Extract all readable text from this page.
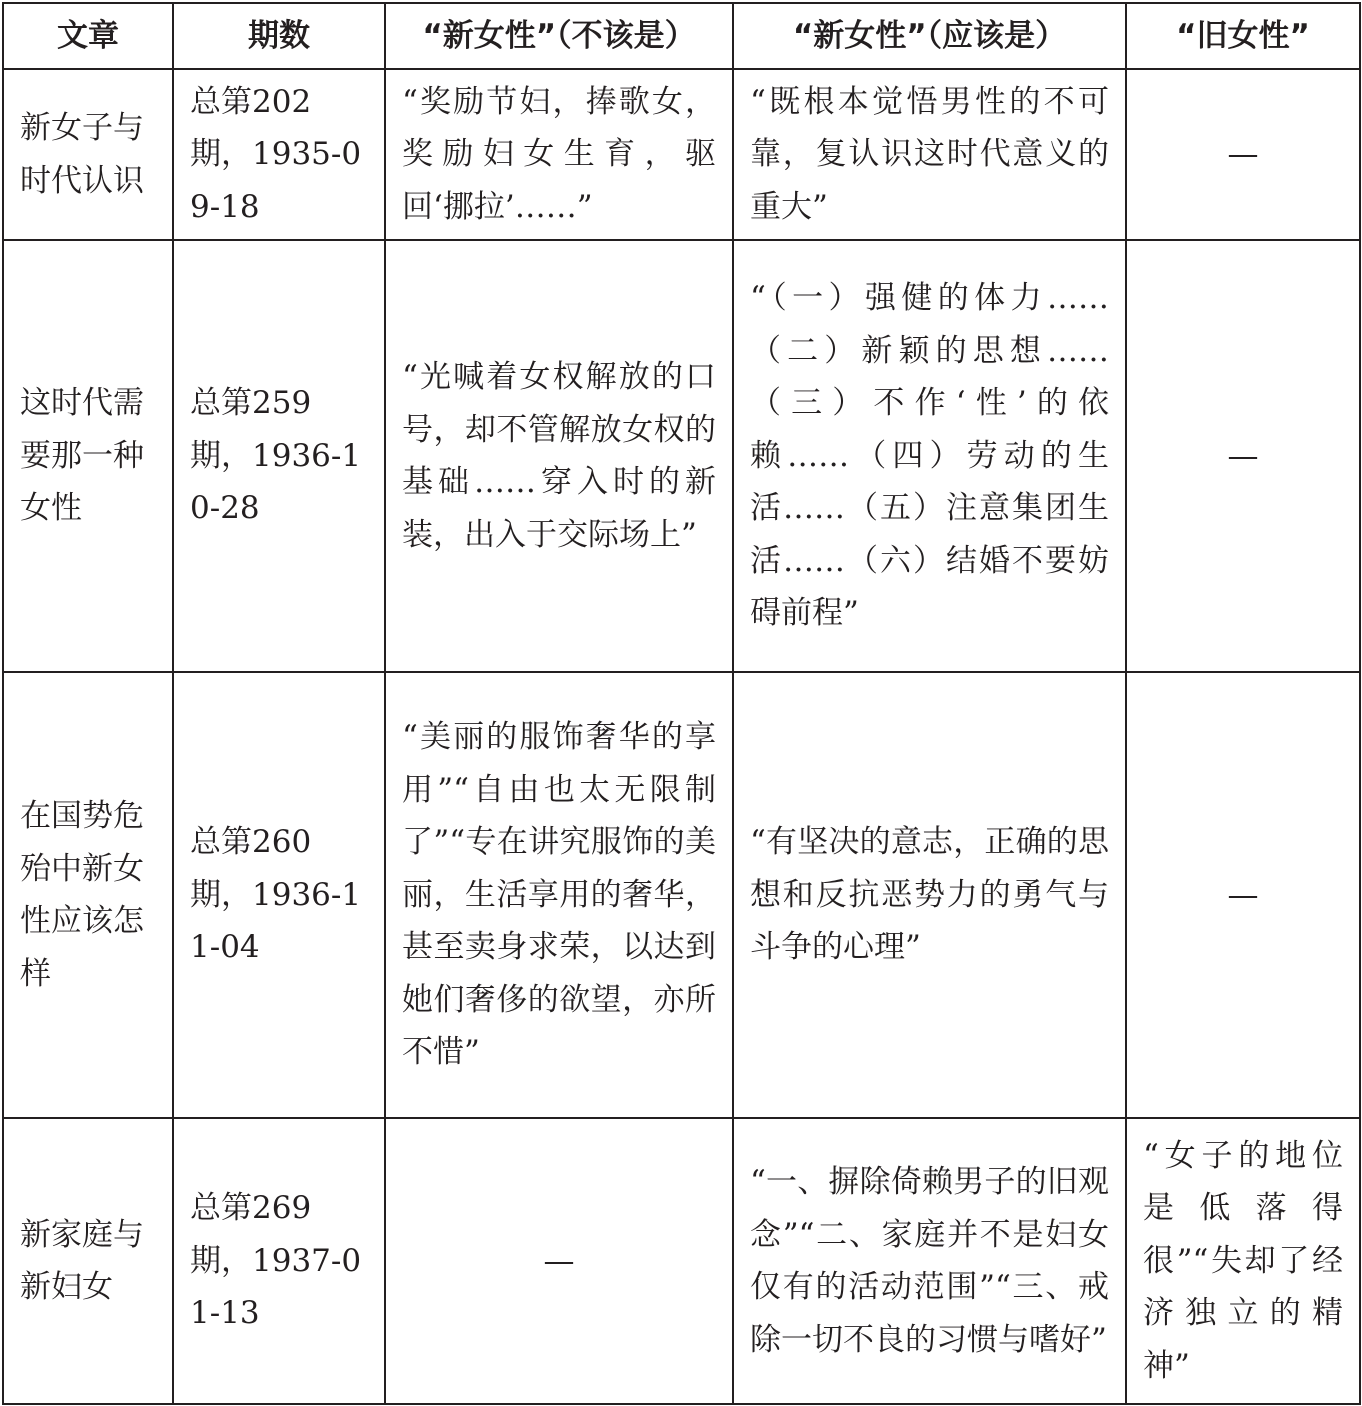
文章	期数	“新女性”（不该是）	“新女性”（应该是）	“旧女性”
新女子与时代认识	总第202期，1935-09-18	“奖励节妇，捧歌女，奖励妇女生育，驱回‘挪拉’……”	“既根本觉悟男性的不可靠，复认识这时代意义的重大”	—
这时代需要那一种女性	总第259期，1936-10-28	“光喊着女权解放的口号，却不管解放女权的基础……穿入时的新装，出入于交际场上”	“（一）强健的体力……（二）新颖的思想……（三）不作‘性’的依赖……（四）劳动的生活……（五）注意集团生活……（六）结婚不要妨碍前程”	—
在国势危殆中新女性应该怎样	总第260期，1936-11-04	“美丽的服饰奢华的享用”“自由也太无限制了”“专在讲究服饰的美丽，生活享用的奢华，甚至卖身求荣，以达到她们奢侈的欲望，亦所不惜”	“有坚决的意志，正确的思想和反抗恶势力的勇气与斗争的心理”	—
新家庭与新妇女	总第269期，1937-01-13	—	“一、摒除倚赖男子的旧观念”“二、家庭并不是妇女仅有的活动范围”“三、戒除一切不良的习惯与嗜好”	“女子的地位是低落得很”“失却了经济独立的精神”
